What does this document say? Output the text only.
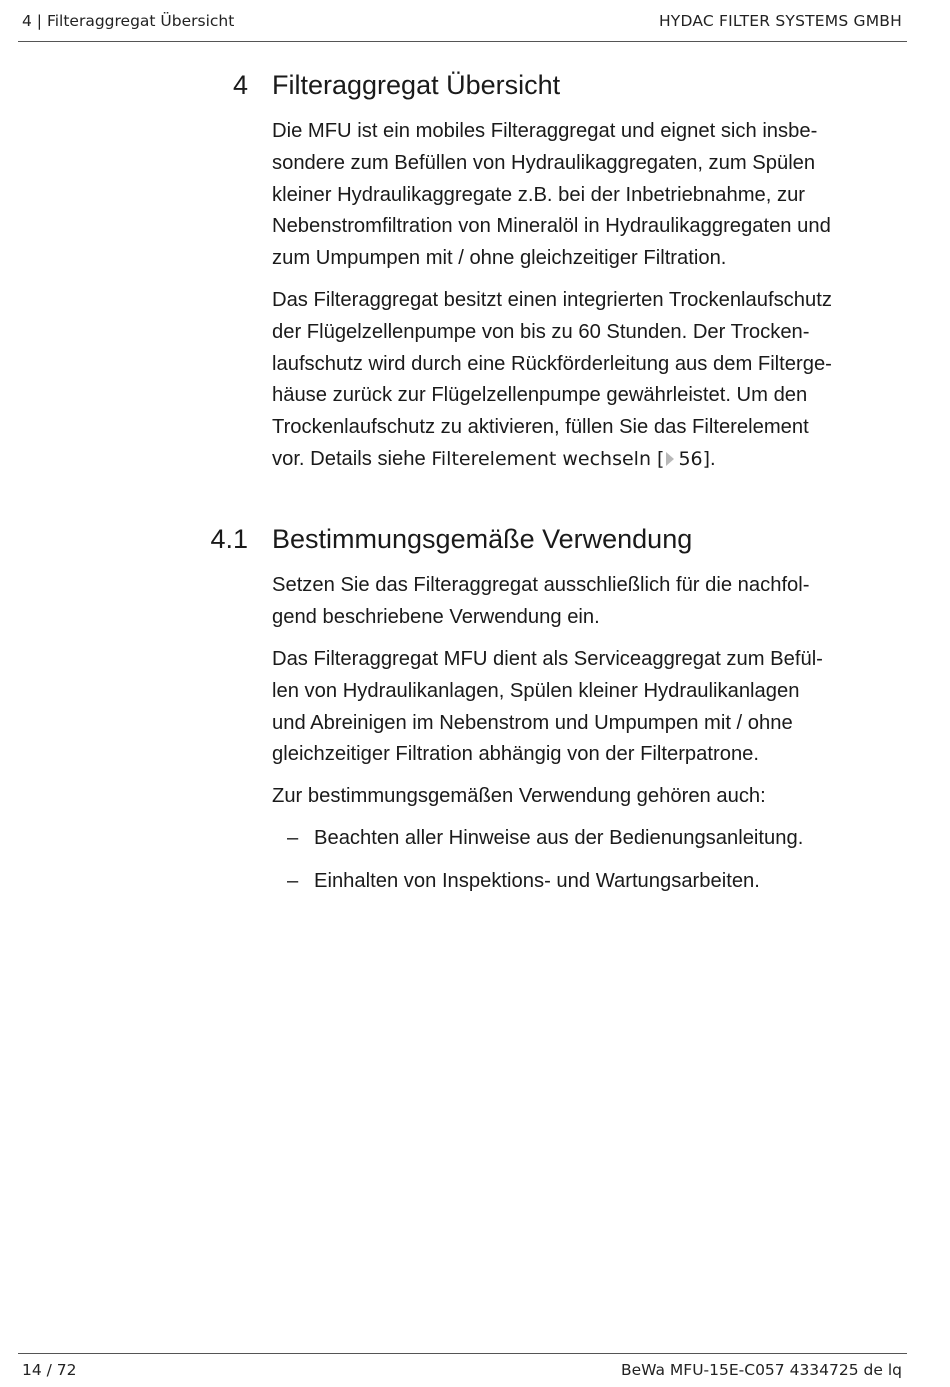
4 | Filteraggregat Übersicht	HYDAC FILTER SYSTEMS GMBH
4 Filteraggregat Übersicht
Die MFU ist ein mobiles Filteraggregat und eignet sich insbe-
sondere zum Befüllen von Hydraulikaggregaten, zum Spülen
kleiner Hydraulikaggregate z.B. bei der Inbetriebnahme, zur
Nebenstromfiltration von Mineralöl in Hydraulikaggregaten und
zum Umpumpen mit / ohne gleichzeitiger Filtration.
Das Filteraggregat besitzt einen integrierten Trockenlaufschutz
der Flügelzellenpumpe von bis zu 60 Stunden. Der Trocken-
laufschutz wird durch eine Rückförderleitung aus dem Filterge-
häuse zurück zur Flügelzellenpumpe gewährleistet. Um den
Trockenlaufschutz zu aktivieren, füllen Sie das Filterelement
vor. Details siehe Filterelement wechseln [ 56].
4.1 Bestimmungsgemäße Verwendung
Setzen Sie das Filteraggregat ausschließlich für die nachfol-
gend beschriebene Verwendung ein.
Das Filteraggregat MFU dient als Serviceaggregat zum Befül-
len von Hydraulikanlagen, Spülen kleiner Hydraulikanlagen
und Abreinigen im Nebenstrom und Umpumpen mit / ohne
gleichzeitiger Filtration abhängig von der Filterpatrone.
Zur bestimmungsgemäßen Verwendung gehören auch:
– Beachten aller Hinweise aus der Bedienungsanleitung.
– Einhalten von Inspektions- und Wartungsarbeiten.
14 / 72	BeWa MFU-15E-C057 4334725 de lq
